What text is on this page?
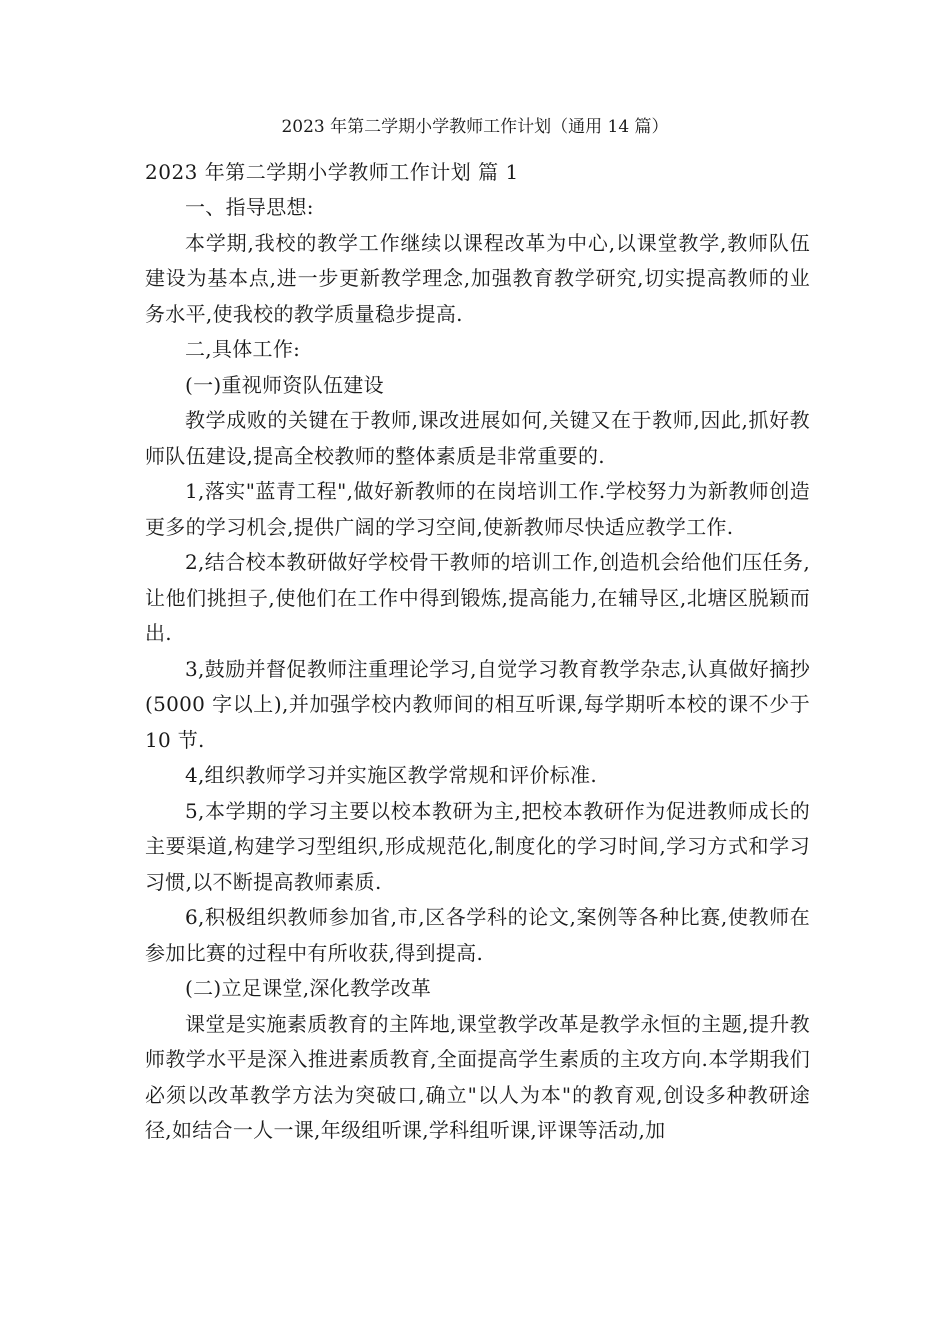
2023 年第二学期小学教师工作计划（通用 14 篇）

2023 年第二学期小学教师工作计划 篇 1

一、指导思想:

本学期,我校的教学工作继续以课程改革为中心,以课堂教学,教师队伍建设为基本点,进一步更新教学理念,加强教育教学研究,切实提高教师的业务水平,使我校的教学质量稳步提高.

二,具体工作:

(一)重视师资队伍建设

教学成败的关键在于教师,课改进展如何,关键又在于教师,因此,抓好教师队伍建设,提高全校教师的整体素质是非常重要的.

1,落实"蓝青工程",做好新教师的在岗培训工作.学校努力为新教师创造更多的学习机会,提供广阔的学习空间,使新教师尽快适应教学工作.

2,结合校本教研做好学校骨干教师的培训工作,创造机会给他们压任务,让他们挑担子,使他们在工作中得到锻炼,提高能力,在辅导区,北塘区脱颖而出.

3,鼓励并督促教师注重理论学习,自觉学习教育教学杂志,认真做好摘抄(5000 字以上),并加强学校内教师间的相互听课,每学期听本校的课不少于 10 节.

4,组织教师学习并实施区教学常规和评价标准.

5,本学期的学习主要以校本教研为主,把校本教研作为促进教师成长的主要渠道,构建学习型组织,形成规范化,制度化的学习时间,学习方式和学习习惯,以不断提高教师素质.

6,积极组织教师参加省,市,区各学科的论文,案例等各种比赛,使教师在参加比赛的过程中有所收获,得到提高.

(二)立足课堂,深化教学改革

课堂是实施素质教育的主阵地,课堂教学改革是教学永恒的主题,提升教师教学水平是深入推进素质教育,全面提高学生素质的主攻方向.本学期我们必须以改革教学方法为突破口,确立"以人为本"的教育观,创设多种教研途径,如结合一人一课,年级组听课,学科组听课,评课等活动,加
